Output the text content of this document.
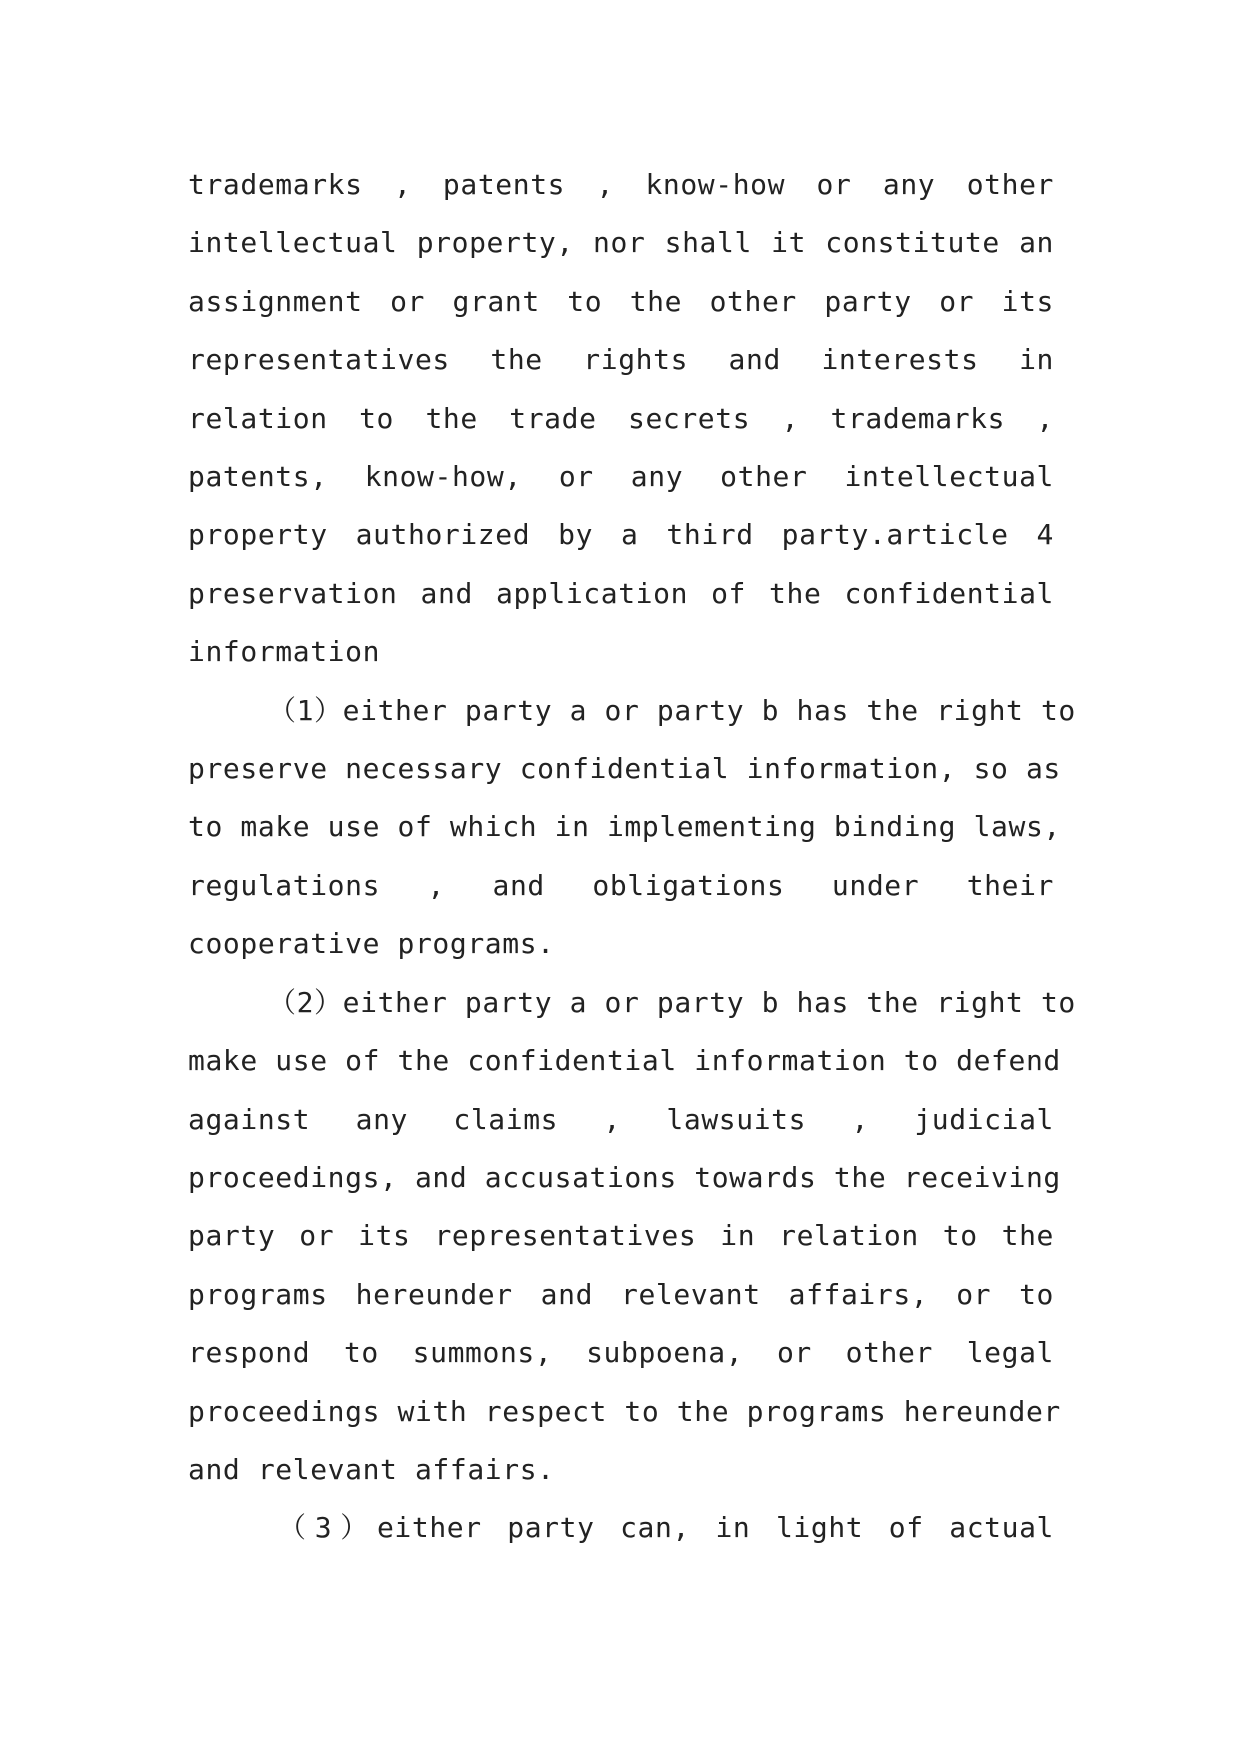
trademarks , patents , know-how or any other
intellectual property, nor shall it constitute an
assignment or grant to the other party or its
representatives the rights and interests in
relation to the trade secrets , trademarks ,
patents, know-how, or any other intellectual
property authorized by a third party.article 4
preservation and application of the confidential
information

（1）either party a or party b has the right to
preserve necessary confidential information, so as
to make use of which in implementing binding laws,
regulations , and obligations under their
cooperative programs.

（2）either party a or party b has the right to
make use of the confidential information to defend
against any claims , lawsuits , judicial
proceedings, and accusations towards the receiving
party or its representatives in relation to the
programs hereunder and relevant affairs, or to
respond to summons, subpoena, or other legal
proceedings with respect to the programs hereunder
and relevant affairs.

（3）either party can, in light of actual
